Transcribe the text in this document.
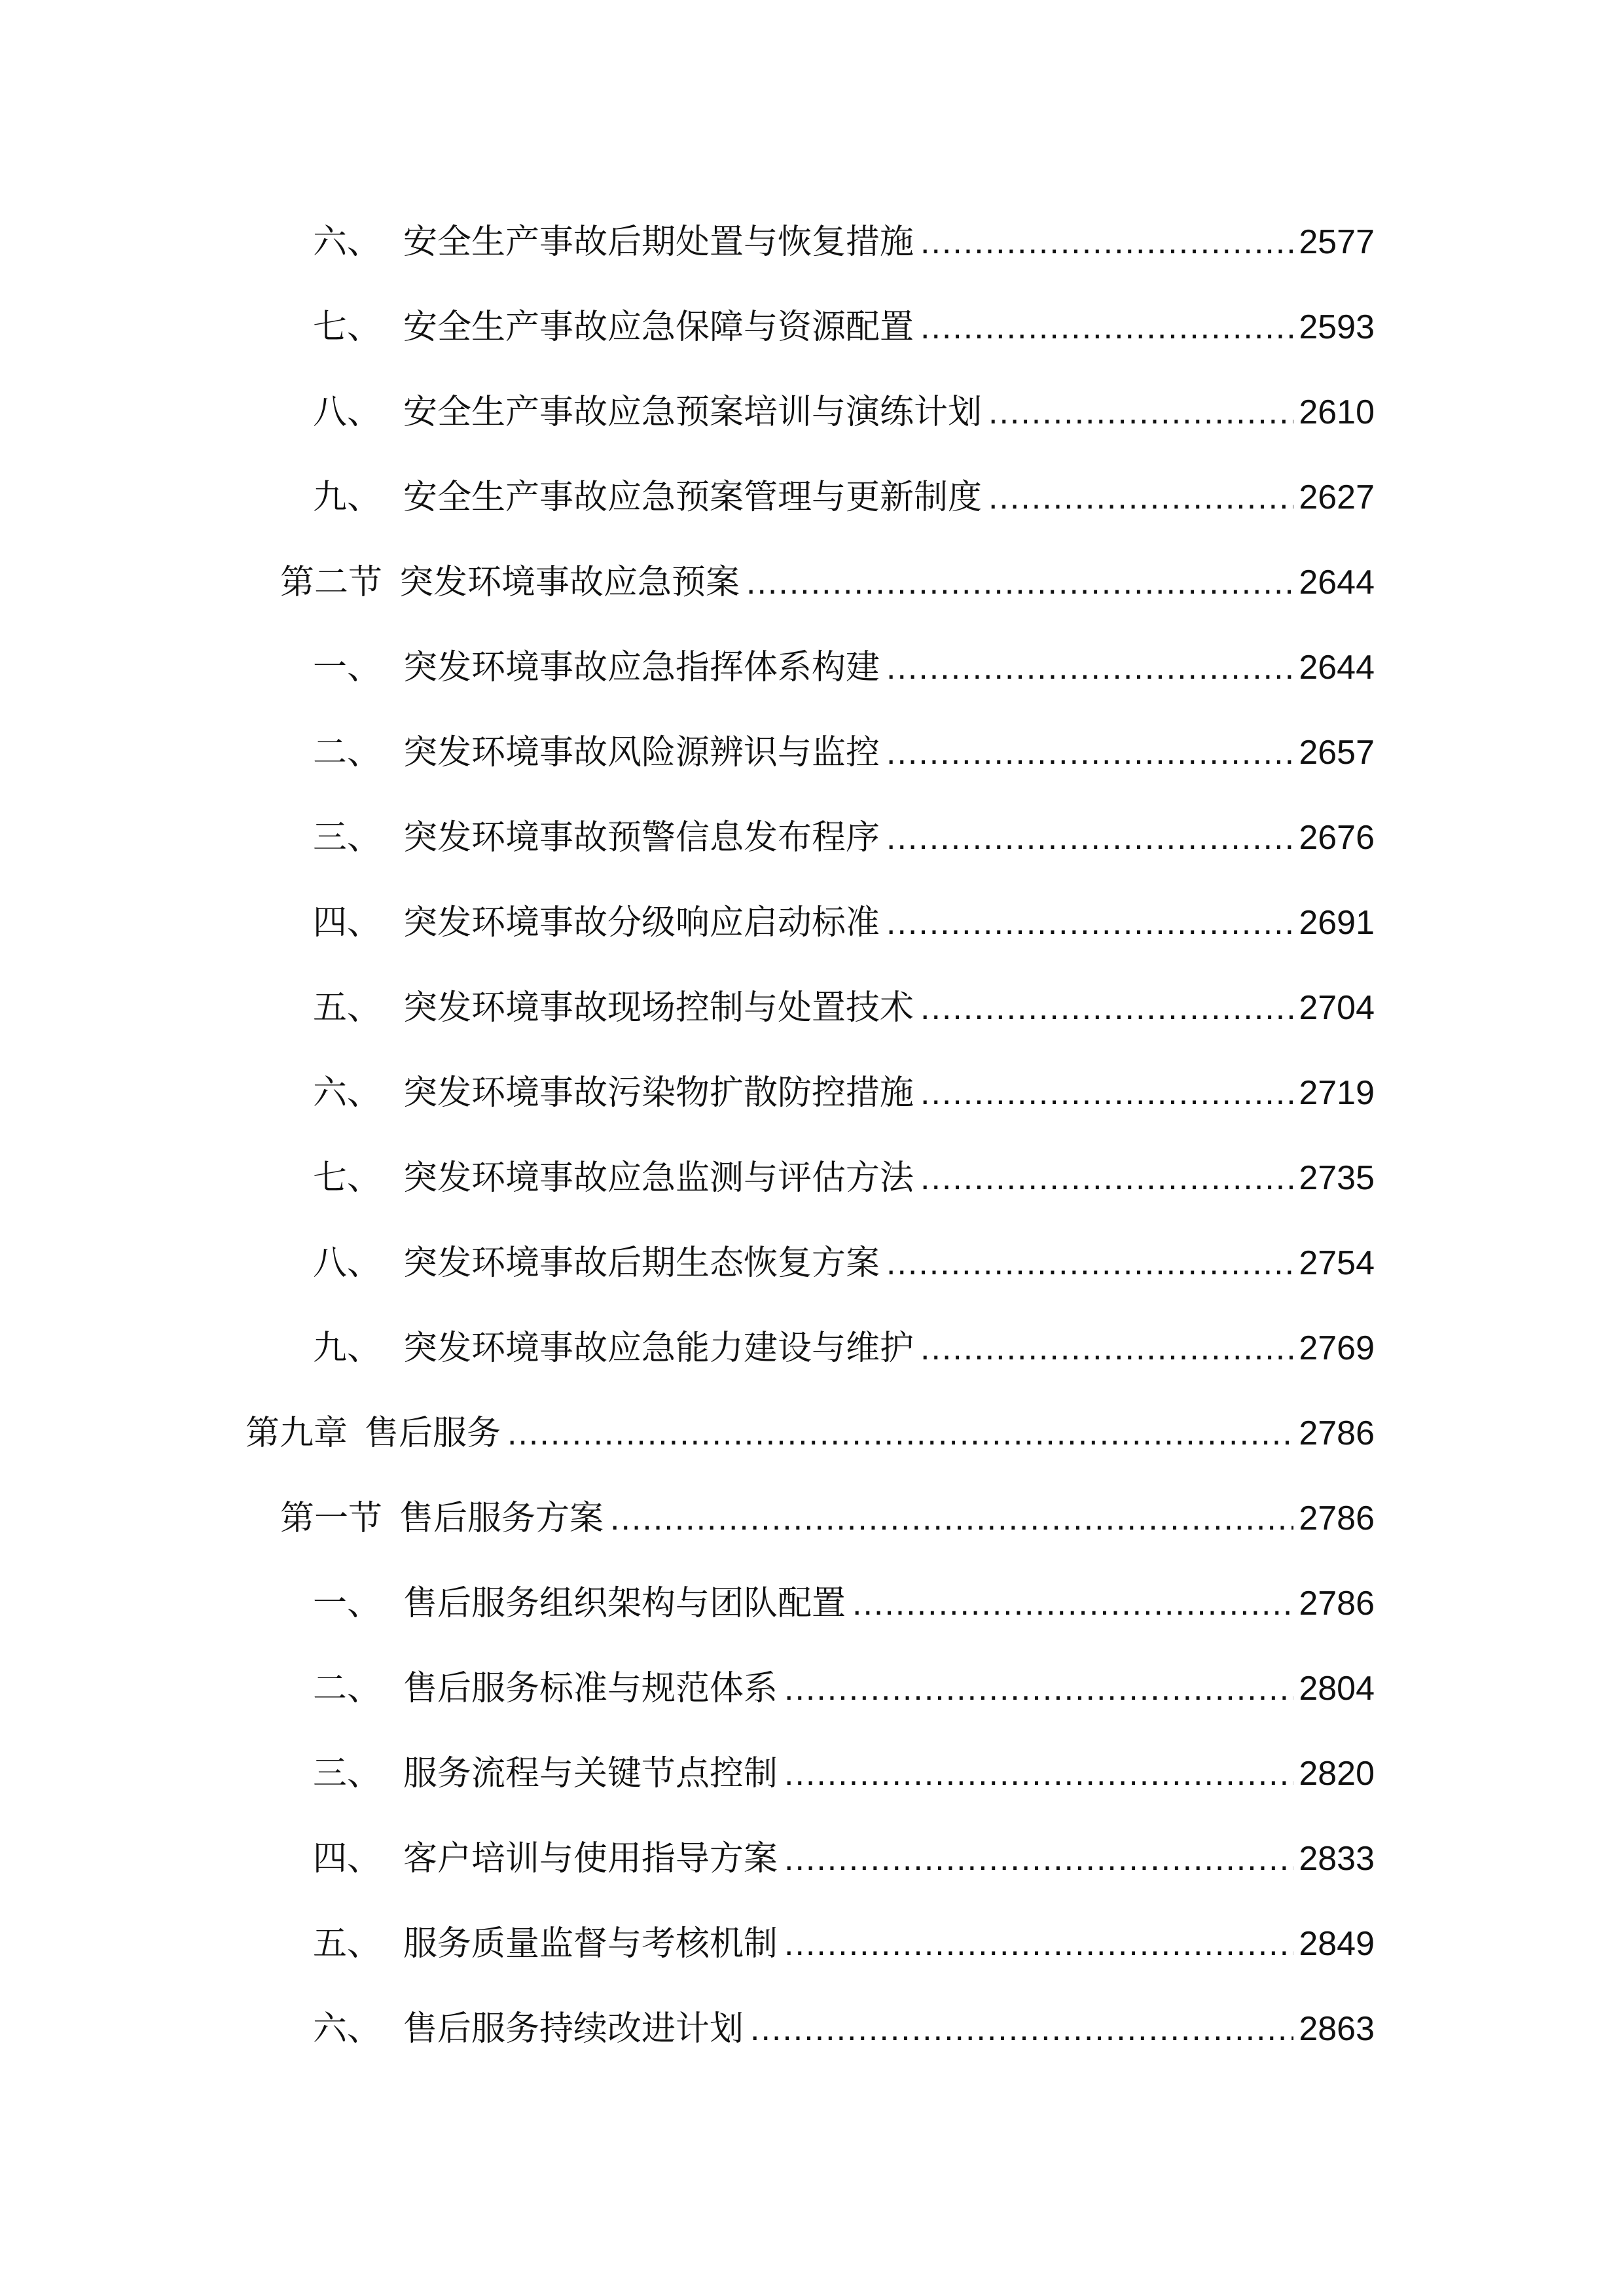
六、 安全生产事故后期处置与恢复措施 .....	2577
七、 安全生产事故应急保障与资源配置 .....	2593
八、 安全生产事故应急预案培训与演练计划 .....	2610
九、 安全生产事故应急预案管理与更新制度 .....	2627
第二节 突发环境事故应急预案 .....	2644
一、 突发环境事故应急指挥体系构建 .....	2644
二、 突发环境事故风险源辨识与监控 .....	2657
三、 突发环境事故预警信息发布程序 .....	2676
四、 突发环境事故分级响应启动标准 .....	2691
五、 突发环境事故现场控制与处置技术 .....	2704
六、 突发环境事故污染物扩散防控措施 .....	2719
七、 突发环境事故应急监测与评估方法 .....	2735
八、 突发环境事故后期生态恢复方案 .....	2754
九、 突发环境事故应急能力建设与维护 .....	2769
第九章 售后服务 .....	2786
第一节 售后服务方案 .....	2786
一、 售后服务组织架构与团队配置 .....	2786
二、 售后服务标准与规范体系 .....	2804
三、 服务流程与关键节点控制 .....	2820
四、 客户培训与使用指导方案 .....	2833
五、 服务质量监督与考核机制 .....	2849
六、 售后服务持续改进计划 .....	2863
